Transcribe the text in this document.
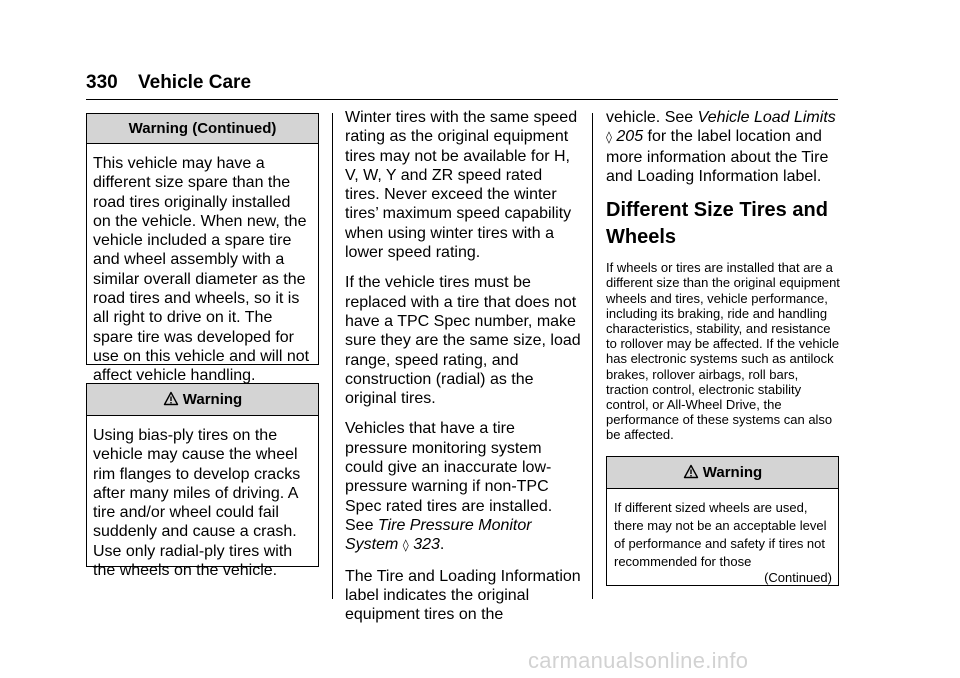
330 Vehicle Care
Warning (Continued)
This vehicle may have a different size spare than the road tires originally installed on the vehicle. When new, the vehicle included a spare tire and wheel assembly with a similar overall diameter as the road tires and wheels, so it is all right to drive on it. The spare tire was developed for use on this vehicle and will not affect vehicle handling.
Warning
Using bias-ply tires on the vehicle may cause the wheel rim flanges to develop cracks after many miles of driving. A tire and/or wheel could fail suddenly and cause a crash. Use only radial-ply tires with the wheels on the vehicle.

Winter tires with the same speed rating as the original equipment tires may not be available for H, V, W, Y and ZR speed rated tires. Never exceed the winter tires’ maximum speed capability when using winter tires with a lower speed rating.

If the vehicle tires must be replaced with a tire that does not have a TPC Spec number, make sure they are the same size, load range, speed rating, and construction (radial) as the original tires.

Vehicles that have a tire pressure monitoring system could give an inaccurate low-pressure warning if non-TPC Spec rated tires are installed. See Tire Pressure Monitor System ◊ 323.

The Tire and Loading Information label indicates the original equipment tires on the

vehicle. See Vehicle Load Limits ◊ 205 for the label location and more information about the Tire and Loading Information label.

Different Size Tires and Wheels

If wheels or tires are installed that are a different size than the original equipment wheels and tires, vehicle performance, including its braking, ride and handling characteristics, stability, and resistance to rollover may be affected. If the vehicle has electronic systems such as antilock brakes, rollover airbags, roll bars, traction control, electronic stability control, or All-Wheel Drive, the performance of these systems can also be affected.

Warning
If different sized wheels are used, there may not be an acceptable level of performance and safety if tires not recommended for those
(Continued)
carmanualsonline.info
